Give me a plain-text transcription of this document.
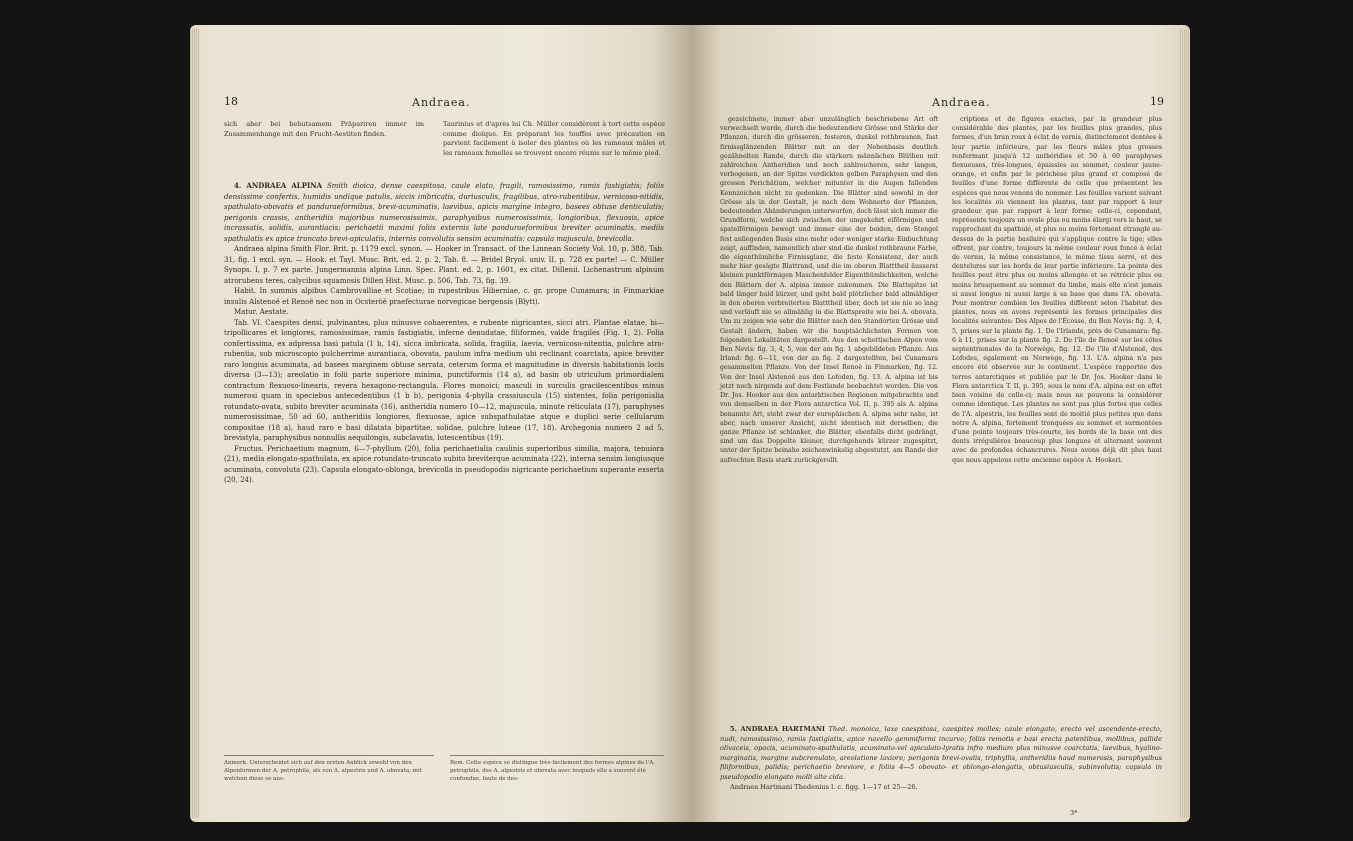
18	Andraea.
sich aber bei behutsamem Präpariren immer im Zusammenhange mit den Frucht-Aestiten finden.
Taurinius et d'après lui Ch. Müller considèrent à tort cette espèce comme dioïque. En préparant les touffes avec précaution on parvient facilement à isoler des plantes où les rameaux mâles et les rameaux femelles se trouvent encore réunis sur le même pied.

4. ANDRAEA ALPINA Smith dioica, dense caespitosa, caule elato, fragili, ramosissimo, ramis fastigiatis; foliis densissime confertis, humidis undique patulis, siccis imbricatis, duriusculis, fragilibus, atro-rubentibus, vernicoso-nitidis, spathulato-obovatis et panduraeformibus, brevi-acuminatis, laevibus, apicis margine integro, basees obtuse denticulatis; perigonis crassis, antheridiis majoribus numerosissimis, paraphysibus numerosissimis, longioribus, flexuosis, apice incrassatis, solidis, aurantiacis; perichaetii maximi foliis externis late panduraeformibus breviter acuminatis, mediis spathulatis ex apice truncato brevi-apiculatis, internis convolutis sensim acuminatis; capsula majuscula, brevicolla.

Andraea alpina Smith Flor. Brit. p. 1179 excl. synon. — Hooker in Transact. of the Linnean Society Vol. 10, p. 388, Tab. 31, fig. 1 excl. syn. — Hook. et Tayl. Musc. Brit. ed. 2, p. 2, Tab. 8. — Bridel Bryol. univ. II, p. 728 ex parte! — C. Müller Synops. I, p. 7 ex parte. Jungermannia alpina Linn. Spec. Plant. ed. 2, p. 1601, ex citat. Dillenii. Lichenastrum alpinum atrorubens teres, calycibus squamosis Dillen Hist. Musc. p. 506, Tab. 73, fig. 39.

Habit. In summis alpibus Cambrovalliae et Scotiae; in rupestribus Hiberniae, c. gr. prope Cunamara; in Finmarkiae insulis Alstenoë et Renoë nec non in Ocsteröë praefecturae norvegicae bergensis (Blytt).

Matur. Aestate.

Tab. VI. Caespites densi, pulvinantes, plus minusve cohaerentes, e rubente nigricantes, sicci atri. Plantae elatae, bi—tripollicares et longiores, ramosissimae, ramis fastigiatis, inferne denudatae, filiformes, valde fragiles (Fig. 1, 2). Folia confertissima, ex adpressa basi patula (1 b, 14), sicca imbricata, solida, fragilia, laevia, vernicoso-nitentia, pulchre atro-rubentia, sub microscopio pulcherrime aurantiaca, obovata, paulum infra medium ubi reclinant coarctata, apice breviter raro longius acuminata, ad basees marginem obtuse serrata, ceterum forma et magnitudine in diversis habitationis locis diversa (3—13); areolatio in folii parte superiore minima, punctiformis (14 a), ad basin ob utriculum primordialem contractum flexuoso-linearis, revera hexagono-rectangula. Flores monoici; masculi in surculis gracilescentibus minus numerosi quam in speciebus antecedentibus (1 b b), perigonia 4-phylla crassiuscula (15) sistentes, folia perigonialia rotundato-ovata, subito breviter acuminata (16), antheridia numero 10—12, majuscula, minute reticulata (17), paraphyses numerosissimae, 50 ad 60, antheridiis longiores, flexuosae, apice subspathulatae atque e duplici serie cellularum compositae (18 a), haud raro e basi dilatata bipartitae, solidae, pulchre luteae (17, 18). Archegonia numero 2 ad 5, brevistyla, paraphysibus nonnullis aequilongis, subclavatis, lutescentibus (19).

Fructus. Perichaetium magnum, 6—7-phyllum (20), folia perichaetialia caulinis superioribus similia, majora, tenuiora (21), media elongato-spathulata, ex apice rotundato-truncato subito breviterque acuminata (22), interna sensim longiusque acuminata, convoluta (23). Capsula elongato-oblonga, brevicolla in pseudopodio nigricante perichaetium superante exserta (20, 24).

Anmerk. Unterscheidet sich auf den ersten Anblick sowohl von den Alpenformen der A. petrophila, als von A. alpestris und A. obovata, mit welchen diese so aus-
Rem. Cette espèce se distingue très-facilement des formes alpines de l'A. petrophila, des A. alpestris et obovata avec lesquels elle a souvent été confondue, faute de des-
Andraea.	19

gezeichnete, immer aber unzulänglich beschriebene Art oft verwechselt wurde, durch die bedeutendere Grösse und Stärke der Pflanzen, durch die grösseren, festeren, dunkel rothbraunen, fast firnissglänzenden Blätter mit an der Nebenbasis deutlich gezähnelten Rande, durch die stärkern männlichen Blüthen mit zahlreichen Antheridien und noch zahlreicheren, sehr langen, verbogenen, an der Spitze verdickten gelben Paraphysen und den grossen Perichätium, welcher mitunter in die Augen fallenden Kennzeichen nicht zu gedenken. Die Blätter sind sowohl in der Grösse als in der Gestalt, je nach dem Wohnorte der Pflanzen, bedeutenden Abänderungen unterworfen, doch lässt sich immer die Grundform, welche sich zwischen der umgekehrt eiförmigen und spatelförmigen bewegt und immer eine der beiden, dem Stengel fest anliegenden Basis eine mehr oder weniger starke Einbuchtung zeigt, auffinden, namentlich aber sind die dunkel rothbraune Farbe, die eigenthümliche Firnissglanz, die feste Konsistenz, der auch mehr hier gesägte Blattrand, und die im oberen Blatttheil äusserst kleinen punktförmigen Maschenfelder Eigenthümlichkeiten, welche den Blättern der A. alpina immer zukommen. Die Blattspitze ist bald länger bald kürzer, und geht bald plötzlicher bald allmähliger in den oberen verbreiterten Blatttheil über, doch ist sie nie so lang und verläuft nie so allmählig in die Blattspreite wie bei A. obovata. Um zu zeigen wie sehr die Blätter nach den Standorten Grösse und Gestalt ändern, haben wir die hauptsächlichsten Formen von folgenden Lokalitäten dargestellt. Aus den schottischen Alpen vom Ben Nevis: fig. 3, 4, 5, von der am fig. 1 abgebildeten Pflanze. Aus Irland: fig. 6—11, von der an fig. 2 dargestellten, bei Cunamara gesammelten Pflanze. Von der Insel Renoë in Finmarken, fig. 12. Von der Insel Alstenoë aus den Lofoden, fig. 13. A. alpina ist bis jetzt noch nirgends auf dem Festlande beobachtet worden. Die von Dr. Jos. Hooker aus den antarktischen Regionen mitgebrachte und von demselben in der Flora antarctica Vol. II, p. 395 als A. alpina benannte Art, steht zwar der europäischen A. alpina sehr nahe, ist aber, nach unserer Ansicht, nicht identisch mit derselben; die ganze Pflanze ist schlanker, die Blätter, ebenfalls dicht gedrängt, sind um das Doppelte kleiner, durchgehends kürzer zugespitzt, unter der Spitze beinahe zeichenwinkelig abgestutzt, am Rande der aufrechten Basis stark zurückgerollt.

criptions et de figures exactes, par la grandeur plus considérable des plantes, par les feuilles plus grandes, plus fermes, d'un brun roux à éclat de vernis, distinctement dentées à leur partie inférieure, par les fleurs mâles plus grosses renfermant jusqu'à 12 anthéridies et 50 à 60 paraphyses flexueuses, très-longues, épaissies au sommet, couleur jaune-orange, et enfin par le périchèse plus grand et composé de feuilles d'une forme différente de celle que présentent les espèces que nous venons de nommer. Les feuilles varient suivant les localités où viennent les plantes, tant par rapport à leur grandeur que par rapport à leur forme; celle-ci, cependant, représente toujours un ovale plus ou moins élargi vers le haut, se rapprochant du spathulé, et plus ou moins fortement étranglé au-dessus de la partie basilaire qui s'applique contre la tige; elles offrent, par contre, toujours la même couleur roux foncé à éclat de vernis, la même consistance, le même tissu serré, et des dentelures sur les bords de leur partie inférieure. La pointe des feuilles peut être plus ou moins allongée et se rétrécir plus ou moins brusquement au sommet du limbe, mais elle n'est jamais si aussi longue ni aussi large à sa base que dans l'A. obovata. Pour montrer combien les feuilles diffèrent selon l'habitat des plantes, nous en avons représenté les formes principales des localités suivantes: Des Alpes de l'Écosse, du Ben Nevis: fig. 3, 4, 5, prises sur la plante fig. 1. De l'Irlande, près de Cunamara: fig. 6 à 11, prises sur la plante fig. 2. De l'île de Renoë sur les côtes septentrionales de la Norwège, fig. 12. De l'île d'Alstenoë, des Lofodes, également en Norwège, fig. 13. L'A. alpina n'a pas encore été observée sur le continent. L'espèce rapportée des terres antarctiques et publiée par le Dr. Jos. Hooker dans le Flora antarctica T. II, p. 395, sous le nom d'A. alpina est en effet bien voisine de celle-ci; mais nous ne pouvons la considérer comme identique. Les plantes ne sont pas plus fortes que celles de l'A. alpestris, les feuilles sont de moitié plus petites que dans notre A. alpina, fortement tronquées au sommet et surmontées d'une pointe toujours très-courte, les bords de la base ont des dents irrégulières beaucoup plus longues et alternant souvent avec de profondes échancrures. Nous avons déjà dit plus haut que nous appelons cette ancienne espèce A. Hookeri.

5. ANDRAEA HARTMANI Thed. monoica, laxe caespitosa, caespites molles; caule elongato, erecto vel ascendente-erecto, nudi, ramosissimo, ramis fastigiatis, apice navello gemmiformi incurvo, foliis remotis e basi erecta patentibus, mollibus, pallide olivaceis, opacis, acuminato-spathulatis, acuminato-vel apiculato-lyratis infra medium plus minusve coarctatis, laevibus, hyalino-marginatis, margine subcrenulato, areolatione laxiore; perigonis brevi-ovalis, triphyllis, antheridiis haud numerosis, paraphysibus filiformibus, palidis; perichaetio breviore, e foliis 4—5 obovato- et oblongo-elongatis, obtusiusculis, subinvolutis; capsula in pseudopodio elongato molli alte cida.

Andraea Hartmani Thedenius l. c. figg. 1—17 et 25—26.

3*
